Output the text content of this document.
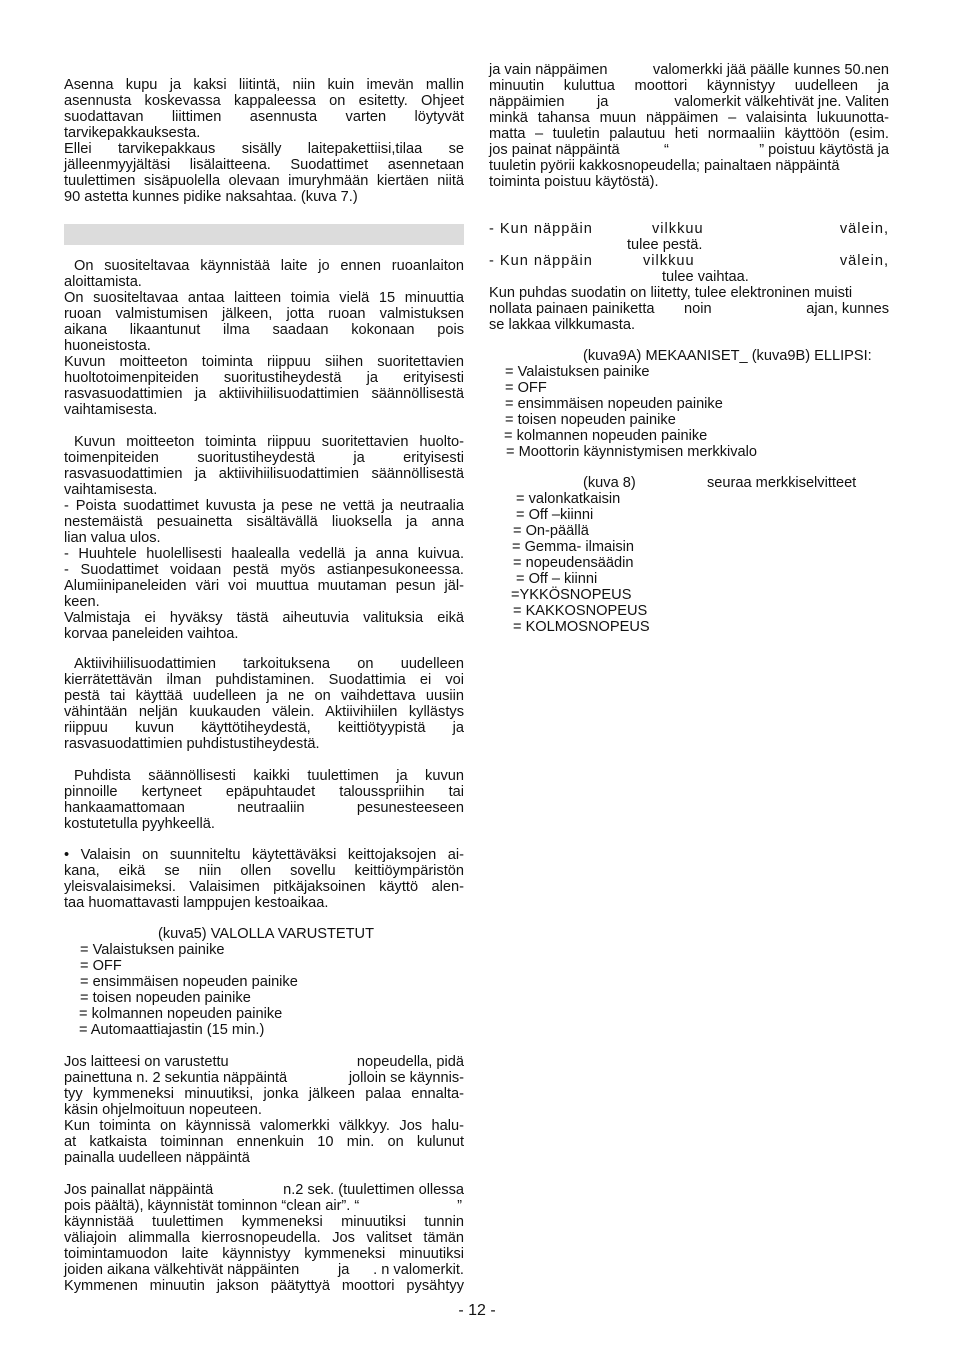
Asenna kupu ja kaksi liitintä, niin kuin imevän mallin
asennusta koskevassa kappaleessa on esitetty. Ohjeet
suodattavan liittimen asennusta varten löytyvät
tarvikepakkauksesta.
Ellei tarvikepakkaus sisälly laitepakettiisi,tilaa se
jälleenmyyjältäsi lisälaitteena. Suodattimet asennetaan
tuulettimen sisäpuolella olevaan imuryhmään kiertäen niitä
90 astetta kunnes pidike naksahtaa. (kuva 7.)
On suositeltavaa käynnistää laite jo ennen ruoanlaiton
aloittamista.
On suositeltavaa antaa laitteen toimia vielä 15 minuuttia
ruoan valmistumisen jälkeen, jotta ruoan valmistuksen
aikana likaantunut ilma saadaan kokonaan pois
huoneistosta.
Kuvun moitteeton toiminta riippuu siihen suoritettavien
huoltotoimenpiteiden suoritustiheydestä ja erityisesti
rasvasuodattimien ja aktiivihiilisuodattimien säännöllisestä
vaihtamisesta.
Kuvun moitteeton toiminta riippuu suoritettavien huolto-
toimenpiteiden suoritustiheydestä ja erityisesti
rasvasuodattimien ja aktiivihiilisuodattimien säännöllisestä
vaihtamisesta.
- Poista suodattimet kuvusta ja pese ne vettä ja neutraalia
nestemäistä pesuainetta sisältävällä liuoksella ja anna
lian valua ulos.
- Huuhtele huolellisesti haalealla vedellä ja anna kuivua.
- Suodattimet voidaan pestä myös astianpesukoneessa.
Alumiinipaneleiden väri voi muuttua muutaman pesun jäl-
keen.
Valmistaja ei hyväksy tästä aiheutuvia valituksia eikä
korvaa paneleiden vaihtoa.
Aktiivihiilisuodattimien tarkoituksena on uudelleen
kierrätettävän ilman puhdistaminen. Suodattimia ei voi
pestä tai käyttää uudelleen ja ne on vaihdettava uusiin
vähintään neljän kuukauden välein. Aktiivihiilen kyllästys
riippuu kuvun käyttötiheydestä, keittiötyypistä ja
rasvasuodattimien puhdistustiheydestä.
Puhdista säännöllisesti kaikki tuulettimen ja kuvun
pinnoille kertyneet epäpuhtaudet talousspriihin tai
hankaamattomaan neutraaliin pesunesteeseen
kostutetulla pyyhkeellä.
• Valaisin on suunniteltu käytettäväksi keittojaksojen ai-
kana, eikä se niin ollen sovellu keittiöympäristön
yleisvalaisimeksi. Valaisimen pitkäjaksoinen käyttö alen-
taa huomattavasti lamppujen kestoaikaa.
(kuva5) VALOLLA VARUSTETUT
= Valaistuksen painike
= OFF
= ensimmäisen nopeuden painike
= toisen nopeuden painike
= kolmannen nopeuden painike
= Automaattiajastin (15 min.)
Jos laitteesi on varustettu	nopeudella, pidä
painettuna n. 2 sekuntia näppäintä	jolloin se käynnis-
tyy kymmeneksi minuutiksi, jonka jälkeen palaa ennalta-
käsin ohjelmoituun nopeuteen.
Kun toiminta on käynnissä valomerkki välkkyy. Jos halu-
at katkaista toiminnan ennenkuin 10 min. on kulunut
painalla uudelleen näppäintä
Jos painallat näppäintä	n.2 sek. (tuulettimen ollessa
pois päältä), käynnistät tominnon “clean air”. “	”
käynnistää tuulettimen kymmeneksi minuutiksi tunnin
väliajoin alimmalla kierrosnopeudella. Jos valitset tämän
toimintamuodon laite käynnistyy kymmeneksi minuutiksi
joiden aikana välkehtivät näppäinten	ja . n valomerkit.
Kymmenen minuutin jakson päätyttyä moottori pysähtyy
ja vain näppäimen	valomerkki jää päälle kunnes 50.nen
minuutin kuluttua moottori käynnistyy uudelleen ja
näppäimien ja	valomerkit välkehtivät jne. Valiten
minkä tahansa muun näppäimen – valaisinta lukuunotta-
matta – tuuletin palautuu heti normaaliin käyttöön (esim.
jos painat näppäintä	“	” poistuu käytöstä ja
tuuletin pyörii kakkosnopeudella; painaltaen näppäintä
toiminta poistuu käytöstä).
- Kun näppäin	vilkkuu	välein,
tulee pestä.
- Kun näppäin	vilkkuu	välein,
tulee vaihtaa.
Kun puhdas suodatin on liitetty, tulee elektroninen muisti
nollata painaen painiketta noin	ajan, kunnes
se lakkaa vilkkumasta.
(kuva9A) MEKAANISET_ (kuva9B) ELLIPSI:
= Valaistuksen painike
= OFF
= ensimmäisen nopeuden painike
= toisen nopeuden painike
= kolmannen nopeuden painike
= Moottorin käynnistymisen merkkivalo
(kuva 8)	seuraa merkkiselvitteet
= valonkatkaisin
= Off –kiinni
= On-päällä
= Gemma- ilmaisin
= nopeudensäädin
= Off – kiinni
=YKKÖSNOPEUS
= KAKKOSNOPEUS
= KOLMOSNOPEUS
- 12 -
